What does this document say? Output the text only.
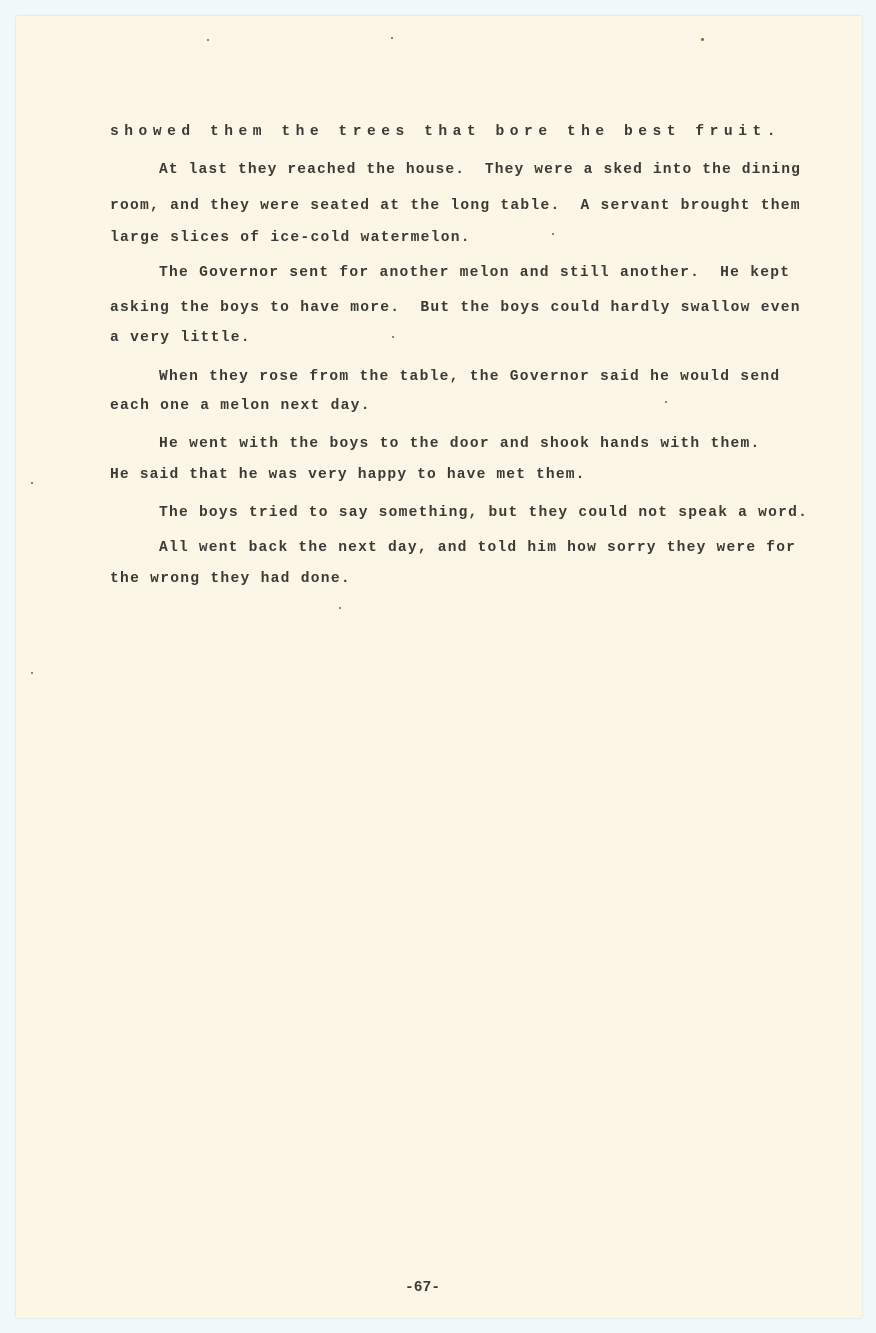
showed them the trees that bore the best fruit.
At last they reached the house.  They were a sked into the dining
room, and they were seated at the long table.  A servant brought them
large slices of ice-cold watermelon.
The Governor sent for another melon and still another.  He kept
asking the boys to have more.  But the boys could hardly swallow even
a very little.
When they rose from the table, the Governor said he would send
each one a melon next day.
He went with the boys to the door and shook hands with them.
He said that he was very happy to have met them.
The boys tried to say something, but they could not speak a word.
All went back the next day, and told him how sorry they were for
the wrong they had done.
-67-
